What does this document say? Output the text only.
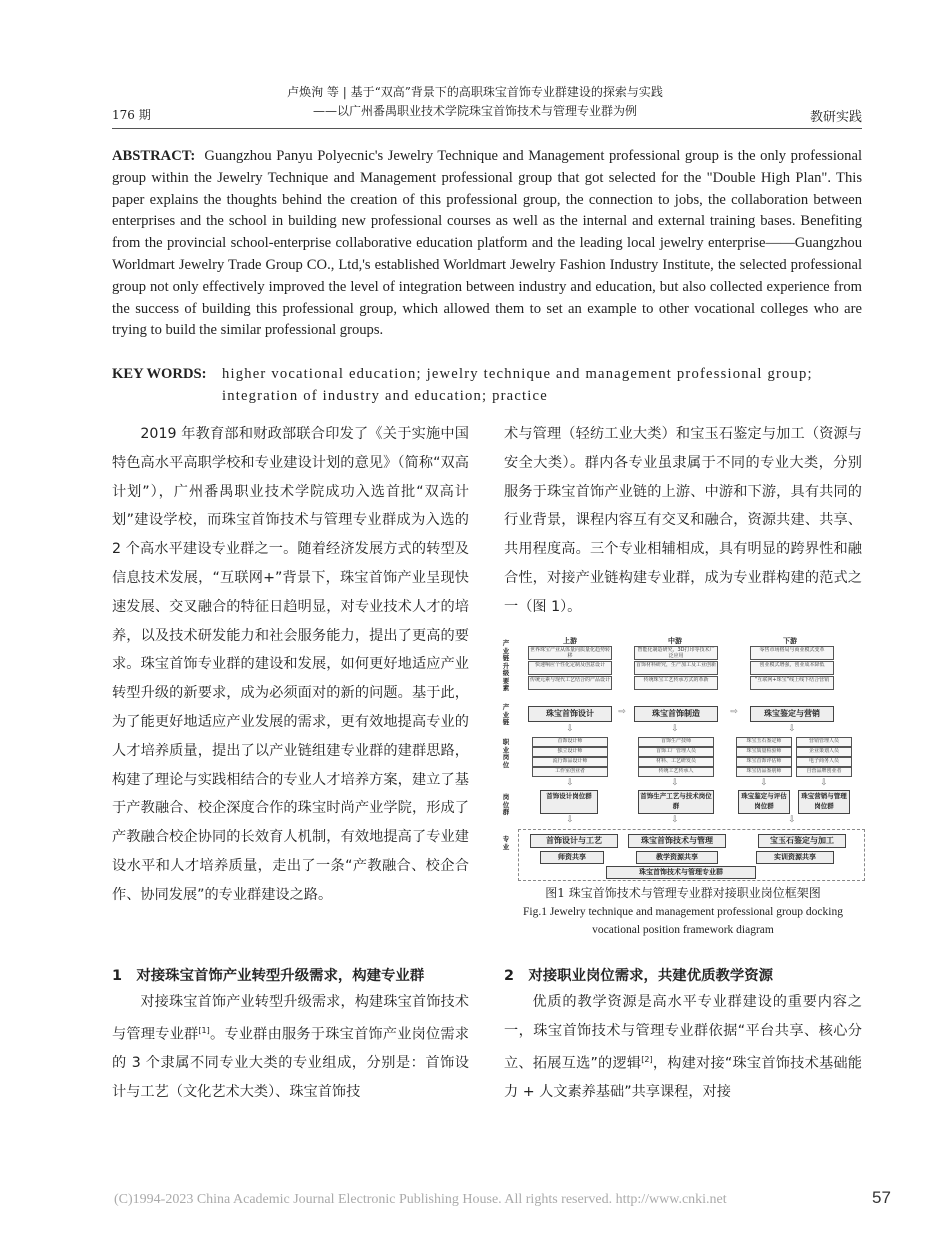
卢焕洵 等 | 基于“双高”背景下的高职珠宝首饰专业群建设的探索与实践
——以广州番禺职业技术学院珠宝首饰技术与管理专业群为例
176 期	教研实践
ABSTRACT: Guangzhou Panyu Polyecnic's Jewelry Technique and Management professional group is the only professional group within the Jewelry Technique and Management professional group that got selected for the "Double High Plan". This paper explains the thoughts behind the creation of this professional group, the connection to jobs, the collaboration between enterprises and the school in building new professional courses as well as the internal and external training bases. Benefiting from the provincial school-enterprise collaborative education platform and the leading local jewelry enterprise——Guangzhou Worldmart Jewelry Trade Group CO., Ltd,'s established Worldmart Jewelry Fashion Industry Institute, the selected professional group not only effectively improved the level of integration between industry and education, but also collected experience from the success of building this professional group, which allowed them to set an example to other vocational colleges who are trying to build the similar professional groups.
KEY WORDS: higher vocational education; jewelry technique and management professional group; integration of industry and education; practice

2019 年教育部和财政部联合印发了《关于实施中国特色高水平高职学校和专业建设计划的意见》（简称“双高计划”），广州番禺职业技术学院成功入选首批“双高计划”建设学校，而珠宝首饰技术与管理专业群成为入选的 2 个高水平建设专业群之一。随着经济发展方式的转型及信息技术发展，“互联网+”背景下，珠宝首饰产业呈现快速发展、交叉融合的特征日趋明显，对专业技术人才的培养，以及技术研发能力和社会服务能力，提出了更高的要求。珠宝首饰专业群的建设和发展，如何更好地适应产业转型升级的新要求，成为必须面对的新的问题。基于此，为了能更好地适应产业发展的需求，更有效地提高专业的人才培养质量，提出了以产业链组建专业群的建群思路，构建了理论与实践相结合的专业人才培养方案，建立了基于产教融合、校企深度合作的珠宝时尚产业学院，形成了产教融合校企协同的长效育人机制，有效地提高了专业建设水平和人才培养质量，走出了一条“产教融合、校企合作、协同发展”的专业群建设之路。

1　对接珠宝首饰产业转型升级需求，构建专业群

对接珠宝首饰产业转型升级需求，构建珠宝首饰技术与管理专业群[1]。专业群由服务于珠宝首饰产业岗位需求的 3 个隶属不同专业大类的专业组成，分别是：首饰设计与工艺（文化艺术大类）、珠宝首饰技

术与管理（轻纺工业大类）和宝玉石鉴定与加工（资源与安全大类）。群内各专业虽隶属于不同的专业大类，分别服务于珠宝首饰产业链的上游、中游和下游，具有共同的行业背景，课程内容互有交叉和融合，资源共建、共享、共用程度高。三个专业相辅相成，具有明显的跨界性和融合性，对接产业链构建专业群，成为专业群构建的范式之一（图 1）。

产业链升级要素
产业链
职业岗位
岗位群
专业
上游	中游	下游
世界珠宝产业从体量向质量化趋势转移
快速响应个性化定制及创意设计
传统元素与现代工艺结合的产品设计
智能化制造研究，3D打印等技术广泛应用
首饰材料研究，生产加工及工业创新
传统珠宝工艺传承方式的革新
零售市场格局与商业模式变革
创业模式增强，创业成本降低
“互联网+珠宝”线上线下结合营销
珠宝首饰设计	⇨	珠宝首饰制造	⇨	珠宝鉴定与营销
⇩	⇩	⇩
首饰设计师
独立设计师
流行饰品设计师
工作室创业者
首饰生产技师
首饰工厂管理人员
材料、工艺研发员
传统工艺传承人
珠宝玉石鉴定师
珠宝质量检验师
珠宝首饰评估师
珠宝仿品鉴别师
营销管理人员
企业策划人员
电子商务人员
自营品牌创业者
⇩	⇩	⇩	⇩
首饰设计岗位群	首饰生产工艺与技术岗位群
珠宝鉴定与评估岗位群
珠宝营销与管理岗位群
⇩	⇩	⇩
首饰设计与工艺	珠宝首饰技术与管理	宝玉石鉴定与加工
师资共享	教学资源共享	实训资源共享
珠宝首饰技术与管理专业群
图1 珠宝首饰技术与管理专业群对接职业岗位框架图
Fig.1 Jewelry technique and management professional group docking
vocational position framework diagram
2　对接职业岗位需求，共建优质教学资源

优质的教学资源是高水平专业群建设的重要内容之一，珠宝首饰技术与管理专业群依据“平台共享、核心分立、拓展互选”的逻辑[2]，构建对接“珠宝首饰技术基础能力 + 人文素养基础”共享课程，对接

(C)1994-2023 China Academic Journal Electronic Publishing House. All rights reserved. http://www.cnki.net	57
